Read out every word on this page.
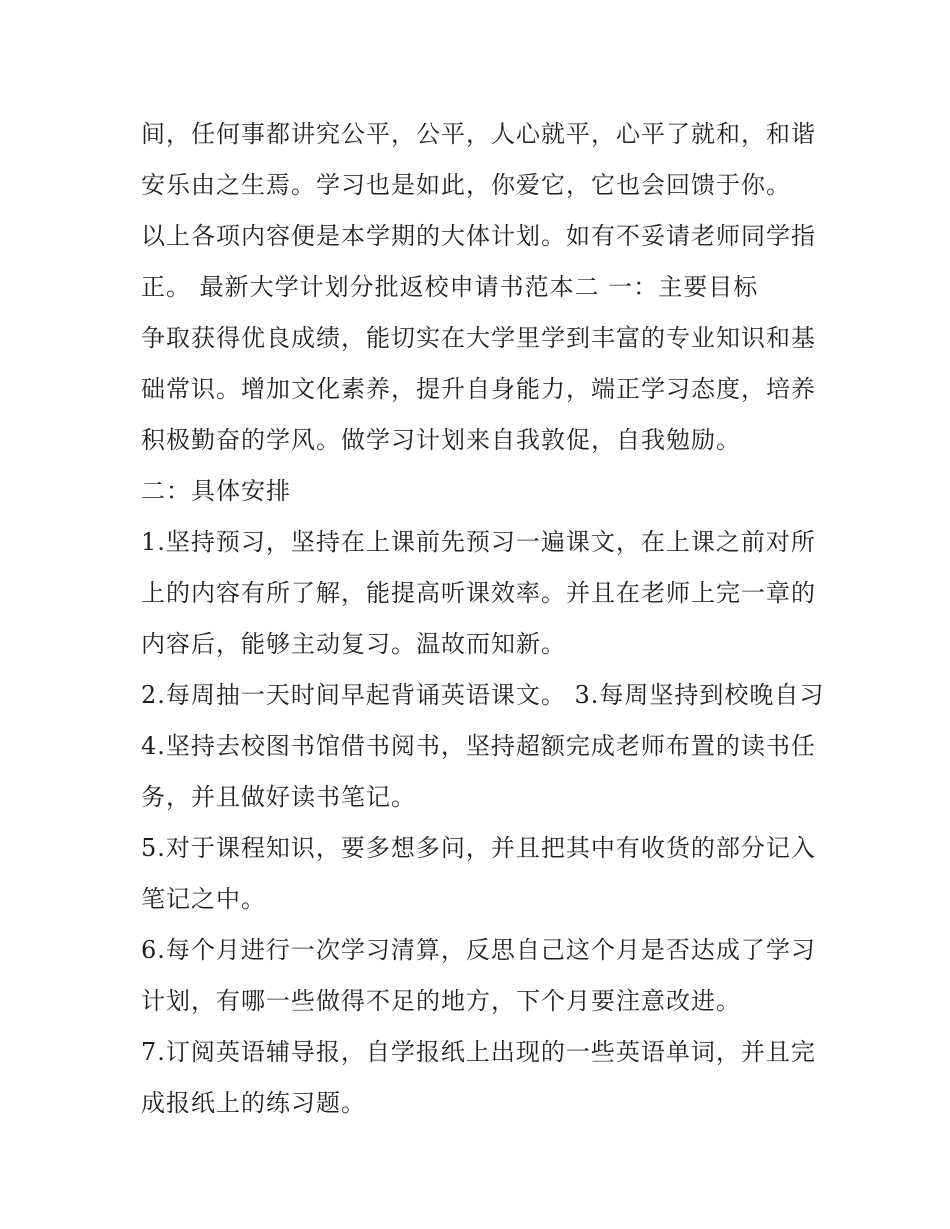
间，任何事都讲究公平，公平，人心就平，心平了就和，和谐
安乐由之生焉。学习也是如此，你爱它，它也会回馈于你。
以上各项内容便是本学期的大体计划。如有不妥请老师同学指
正。 最新大学计划分批返校申请书范本二 一：主要目标
争取获得优良成绩，能切实在大学里学到丰富的专业知识和基
础常识。增加文化素养，提升自身能力，端正学习态度，培养
积极勤奋的学风。做学习计划来自我敦促，自我勉励。
二：具体安排
1.坚持预习，坚持在上课前先预习一遍课文，在上课之前对所
上的内容有所了解，能提高听课效率。并且在老师上完一章的
内容后，能够主动复习。温故而知新。
2.每周抽一天时间早起背诵英语课文。 3.每周坚持到校晚自习
4.坚持去校图书馆借书阅书，坚持超额完成老师布置的读书任
务，并且做好读书笔记。
5.对于课程知识，要多想多问，并且把其中有收货的部分记入
笔记之中。
6.每个月进行一次学习清算，反思自己这个月是否达成了学习
计划，有哪一些做得不足的地方，下个月要注意改进。
7.订阅英语辅导报，自学报纸上出现的一些英语单词，并且完
成报纸上的练习题。
